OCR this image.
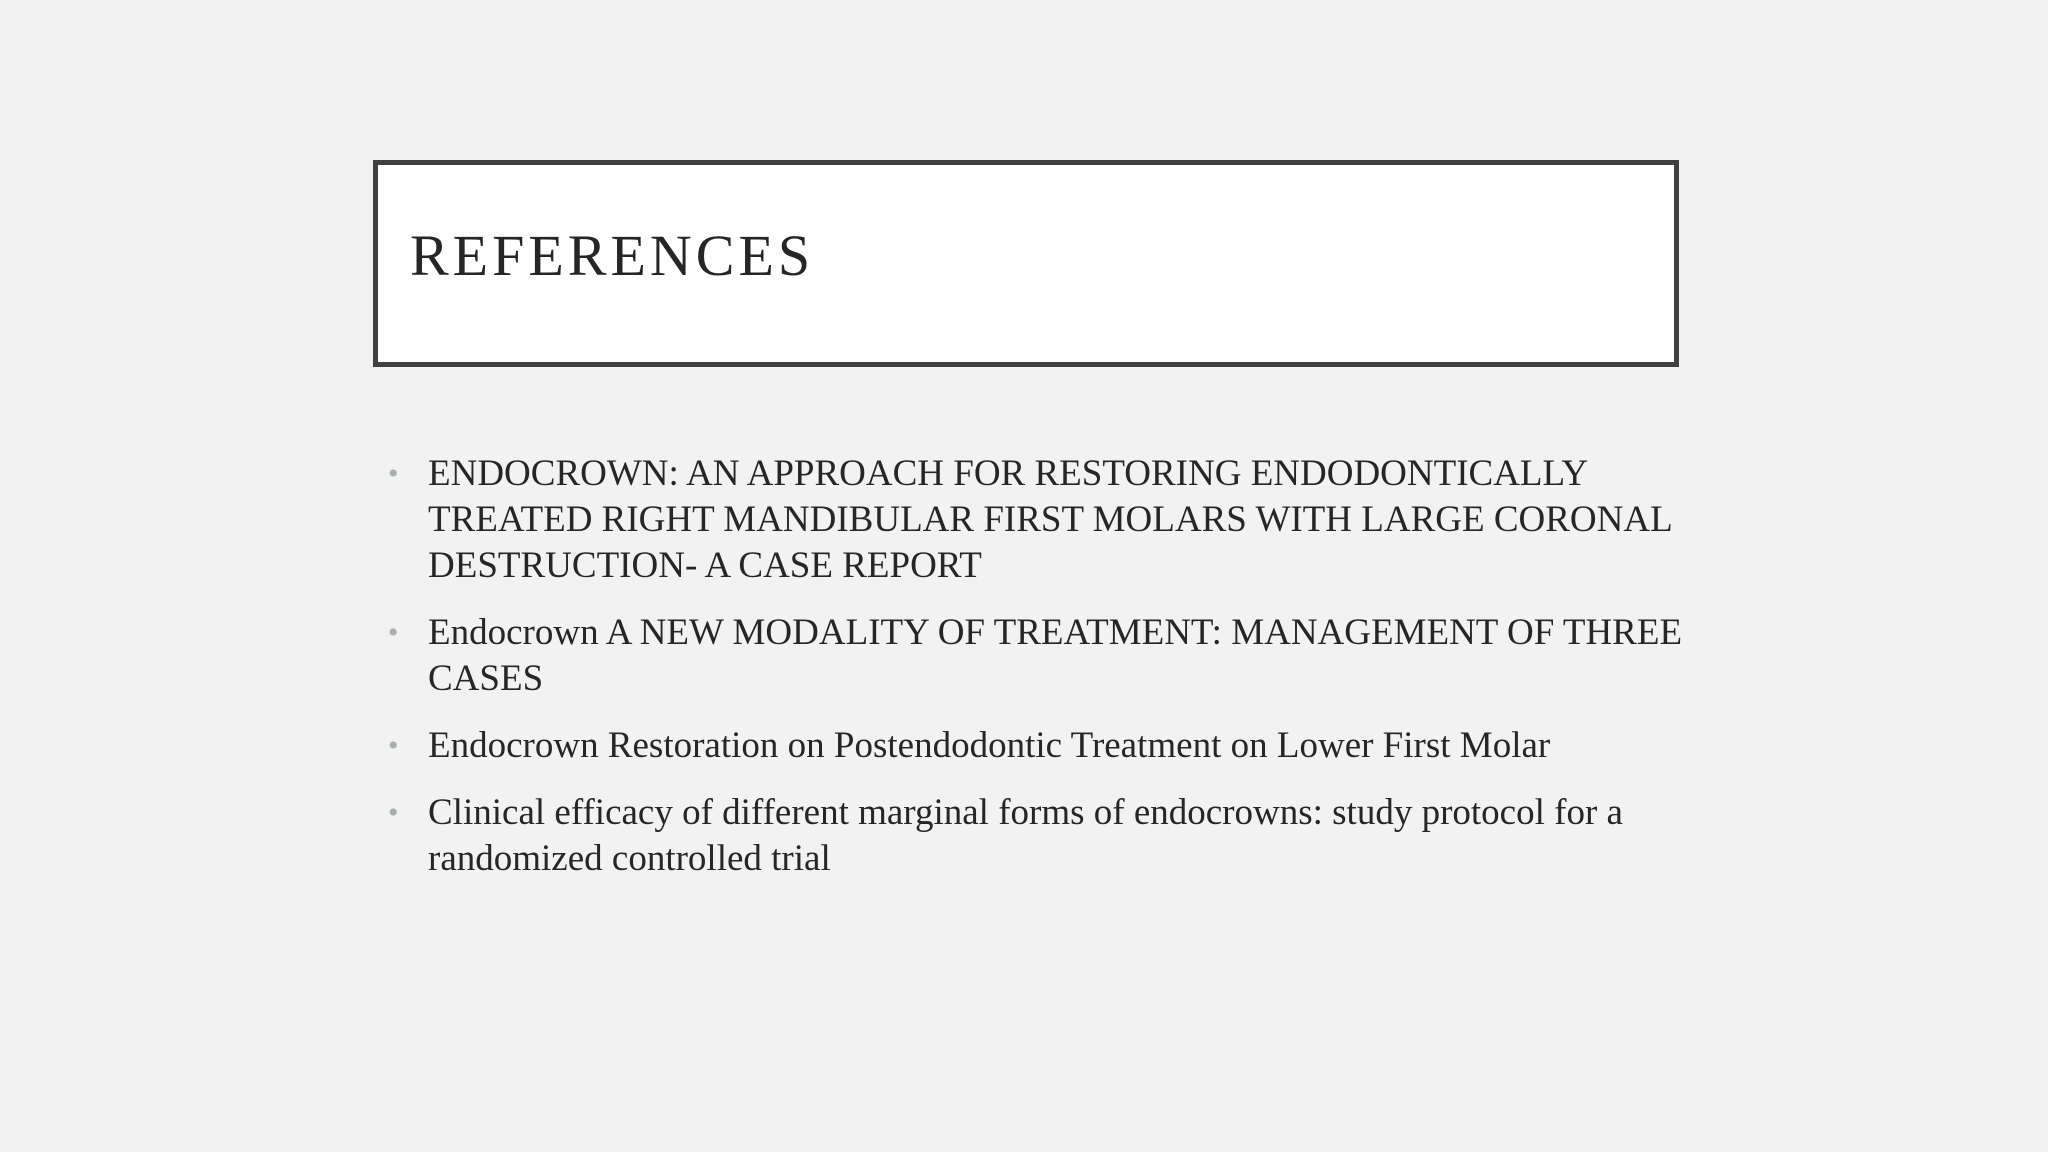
REFERENCES
• ENDOCROWN: AN APPROACH FOR RESTORING ENDODONTICALLY TREATED RIGHT MANDIBULAR FIRST MOLARS WITH LARGE CORONAL DESTRUCTION- A CASE REPORT
• Endocrown A NEW MODALITY OF TREATMENT: MANAGEMENT OF THREE CASES
• Endocrown Restoration on Postendodontic Treatment on Lower First Molar
• Clinical efficacy of different marginal forms of endocrowns: study protocol for a randomized controlled trial
